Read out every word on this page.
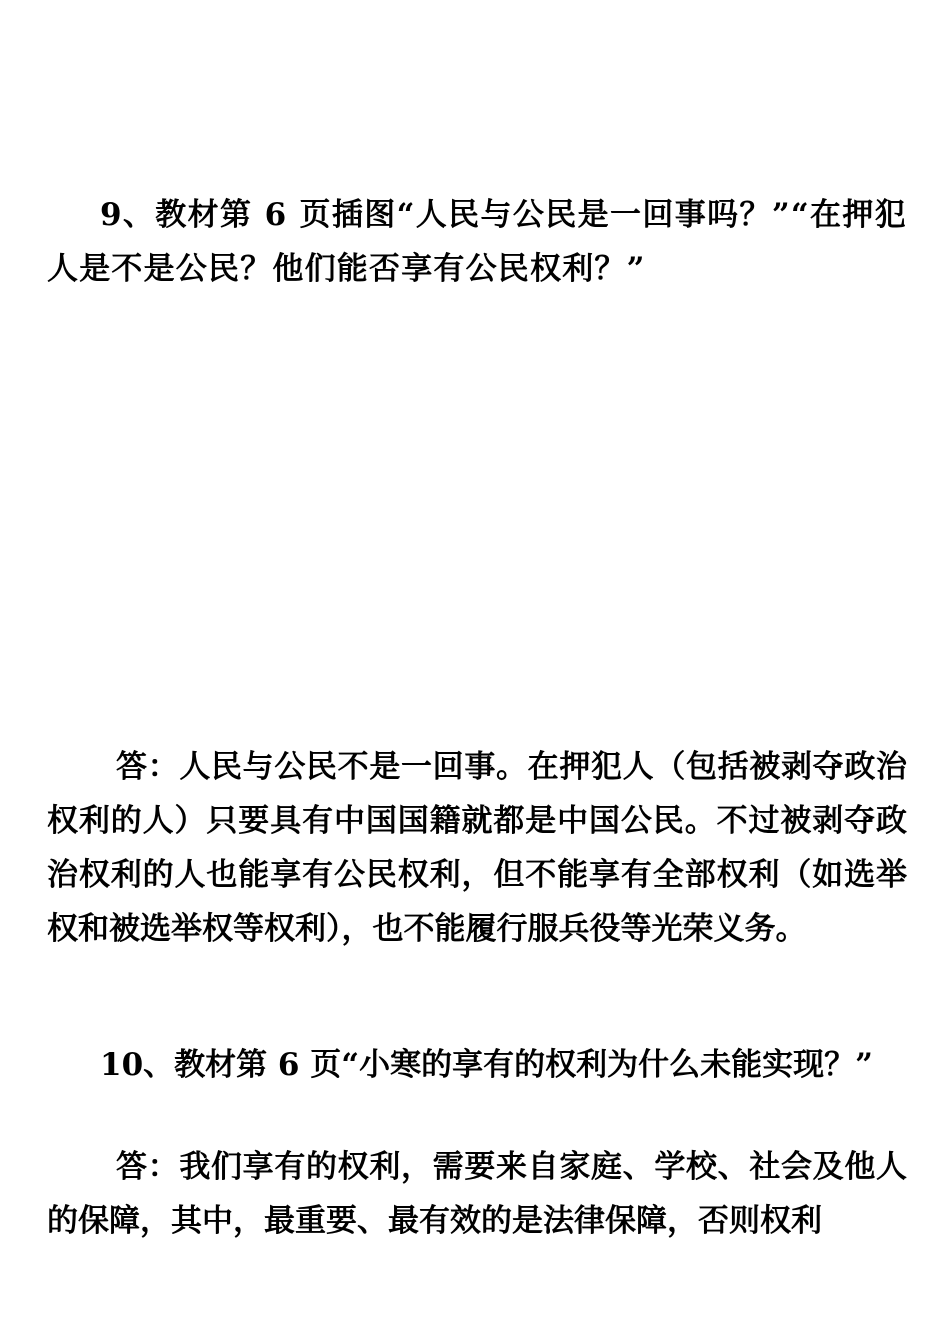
9、教材第 6 页插图“人民与公民是一回事吗？”“在押犯人是不是公民？他们能否享有公民权利？”

答：人民与公民不是一回事。在押犯人（包括被剥夺政治权利的人）只要具有中国国籍就都是中国公民。不过被剥夺政治权利的人也能享有公民权利，但不能享有全部权利（如选举权和被选举权等权利），也不能履行服兵役等光荣义务。

10、教材第 6 页“小寒的享有的权利为什么未能实现？”

答：我们享有的权利，需要来自家庭、学校、社会及他人的保障，其中，最重要、最有效的是法律保障，否则权利
